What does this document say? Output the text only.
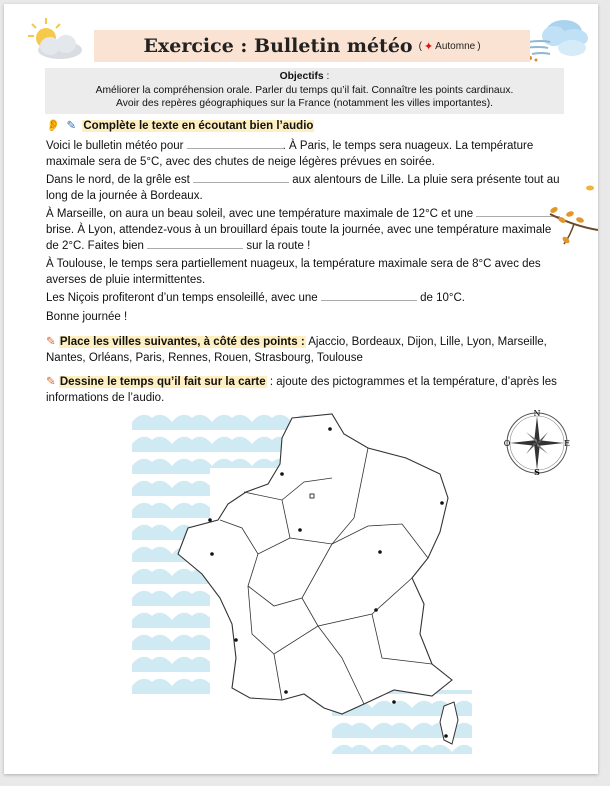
Exercice : Bulletin météo ( ✦ Automne )
Objectifs :
Améliorer la compréhension orale. Parler du temps qu’il fait. Connaître les points cardinaux.
Avoir des repères géographiques sur la France (notamment les villes importantes).
👂 ✎ Complète le texte en écoutant bien l’audio
Voici le bulletin météo pour	. À Paris, le temps sera nuageux. La température maximale sera de 5°C, avec des chutes de neige légères prévues en soirée.
Dans le nord, de la grêle est	aux alentours de Lille. La pluie sera présente tout au long de la journée à Bordeaux.
À Marseille, on aura un beau soleil, avec une température maximale de 12°C et une  brise. À Lyon, attendez-vous à un brouillard épais toute la journée, avec une température maximale de 2°C. Faites bien	sur la route !
À Toulouse, le temps sera partiellement nuageux, la température maximale sera de 8°C avec des averses de pluie intermittentes.
Les Niçois profiteront d’un temps ensoleillé, avec une	de 10°C.
Bonne journée !
✎ Place les villes suivantes, à côté des points : Ajaccio, Bordeaux, Dijon, Lille, Lyon, Marseille, Nantes, Orléans, Paris, Rennes, Rouen, Strasbourg, Toulouse
✎ Dessine le temps qu’il fait sur la carte : ajoute des pictogrammes et la température, d’après les informations de l’audio.
N
S
E
O
